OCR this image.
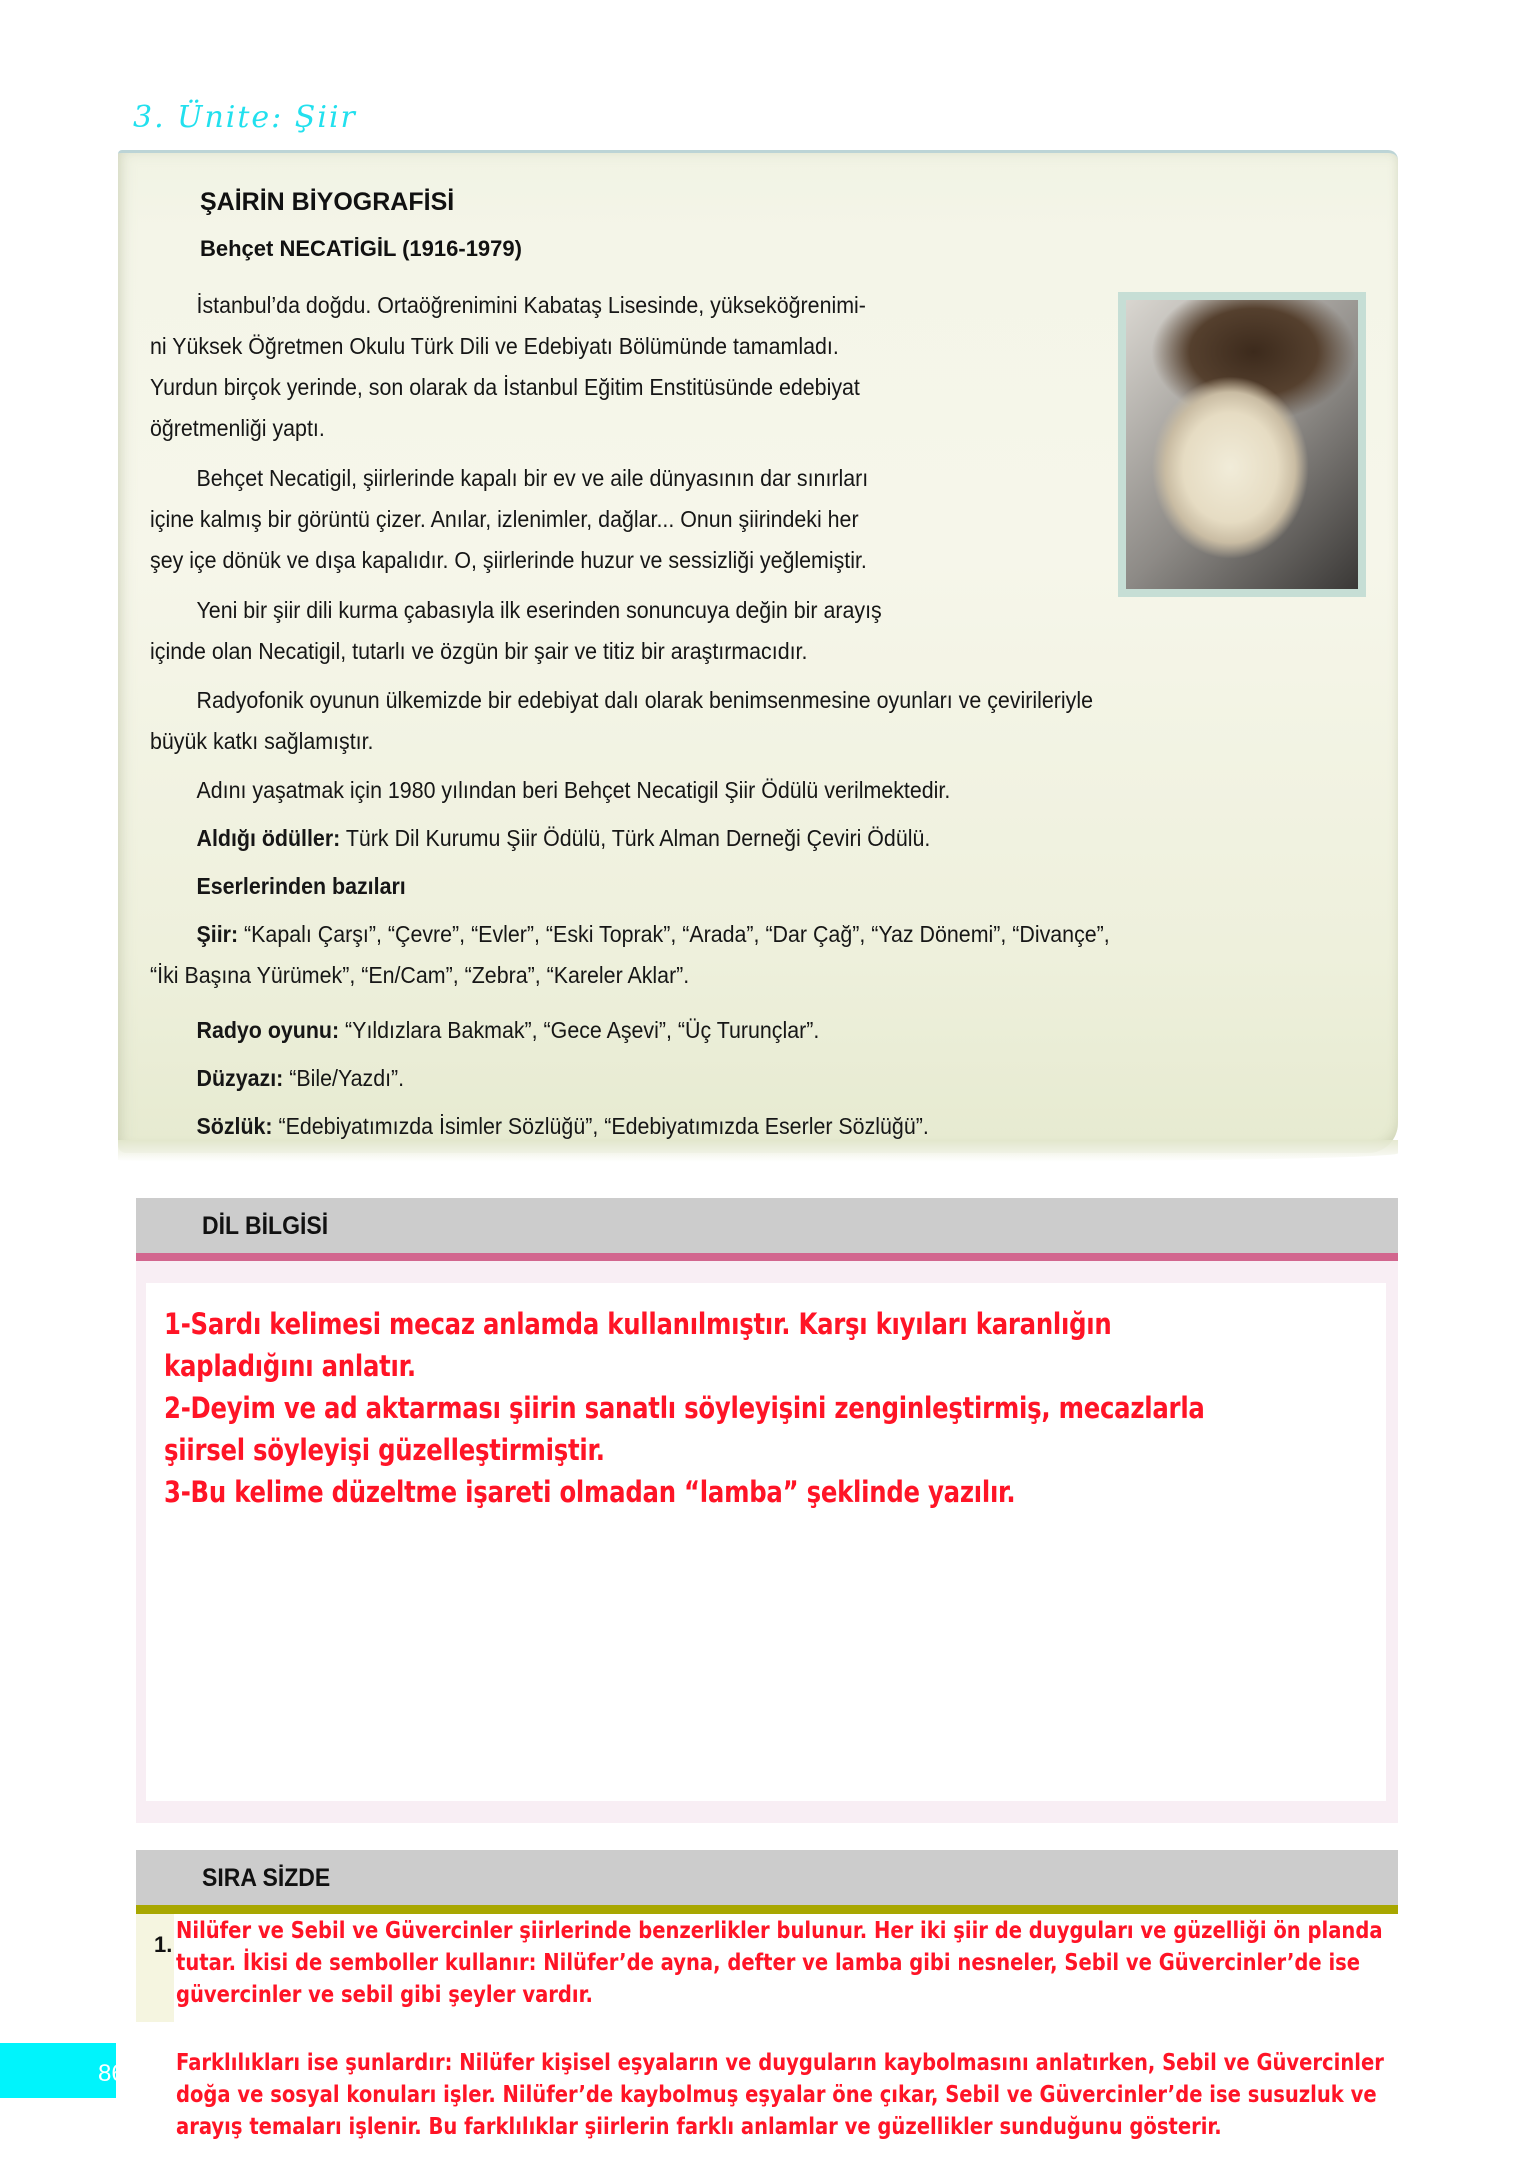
3. Ünite: Şiir
ŞAİRİN BİYOGRAFİSİ
Behçet NECATİGİL (1916-1979)
İstanbul’da doğdu. Ortaöğrenimini Kabataş Lisesinde, yükseköğrenimi-
ni Yüksek Öğretmen Okulu Türk Dili ve Edebiyatı Bölümünde tamamladı.
Yurdun birçok yerinde, son olarak da İstanbul Eğitim Enstitüsünde edebiyat
öğretmenliği yaptı.
Behçet Necatigil, şiirlerinde kapalı bir ev ve aile dünyasının dar sınırları
içine kalmış bir görüntü çizer. Anılar, izlenimler, dağlar... Onun şiirindeki her
şey içe dönük ve dışa kapalıdır. O, şiirlerinde huzur ve sessizliği yeğlemiştir.
Yeni bir şiir dili kurma çabasıyla ilk eserinden sonuncuya değin bir arayış
içinde olan Necatigil, tutarlı ve özgün bir şair ve titiz bir araştırmacıdır.
Radyofonik oyunun ülkemizde bir edebiyat dalı olarak benimsenmesine oyunları ve çevirileriyle
büyük katkı sağlamıştır.
Adını yaşatmak için 1980 yılından beri Behçet Necatigil Şiir Ödülü verilmektedir.
Aldığı ödüller: Türk Dil Kurumu Şiir Ödülü, Türk Alman Derneği Çeviri Ödülü.
Eserlerinden bazıları
Şiir: “Kapalı Çarşı”, “Çevre”, “Evler”, “Eski Toprak”, “Arada”, “Dar Çağ”, “Yaz Dönemi”, “Divançe”,
“İki Başına Yürümek”, “En/Cam”, “Zebra”, “Kareler Aklar”.
Radyo oyunu: “Yıldızlara Bakmak”, “Gece Aşevi”, “Üç Turunçlar”.
Düzyazı: “Bile/Yazdı”.
Sözlük: “Edebiyatımızda İsimler Sözlüğü”, “Edebiyatımızda Eserler Sözlüğü”.
DİL BİLGİSİ
1-Sardı kelimesi mecaz anlamda kullanılmıştır. Karşı kıyıları karanlığın
kapladığını anlatır.
2-Deyim ve ad aktarması şiirin sanatlı söyleyişini zenginleştirmiş, mecazlarla
şiirsel söyleyişi güzelleştirmiştir.
3-Bu kelime düzeltme işareti olmadan “lamba” şeklinde yazılır.
SIRA SİZDE
1.
Nilüfer ve Sebil ve Güvercinler şiirlerinde benzerlikler bulunur. Her iki şiir de duyguları ve güzelliği ön planda
tutar. İkisi de semboller kullanır: Nilüfer’de ayna, defter ve lamba gibi nesneler, Sebil ve Güvercinler’de ise
güvercinler ve sebil gibi şeyler vardır.
Farklılıkları ise şunlardır: Nilüfer kişisel eşyaların ve duyguların kaybolmasını anlatırken, Sebil ve Güvercinler
doğa ve sosyal konuları işler. Nilüfer’de kaybolmuş eşyalar öne çıkar, Sebil ve Güvercinler’de ise susuzluk ve
arayış temaları işlenir. Bu farklılıklar şiirlerin farklı anlamlar ve güzellikler sunduğunu gösterir.
86
